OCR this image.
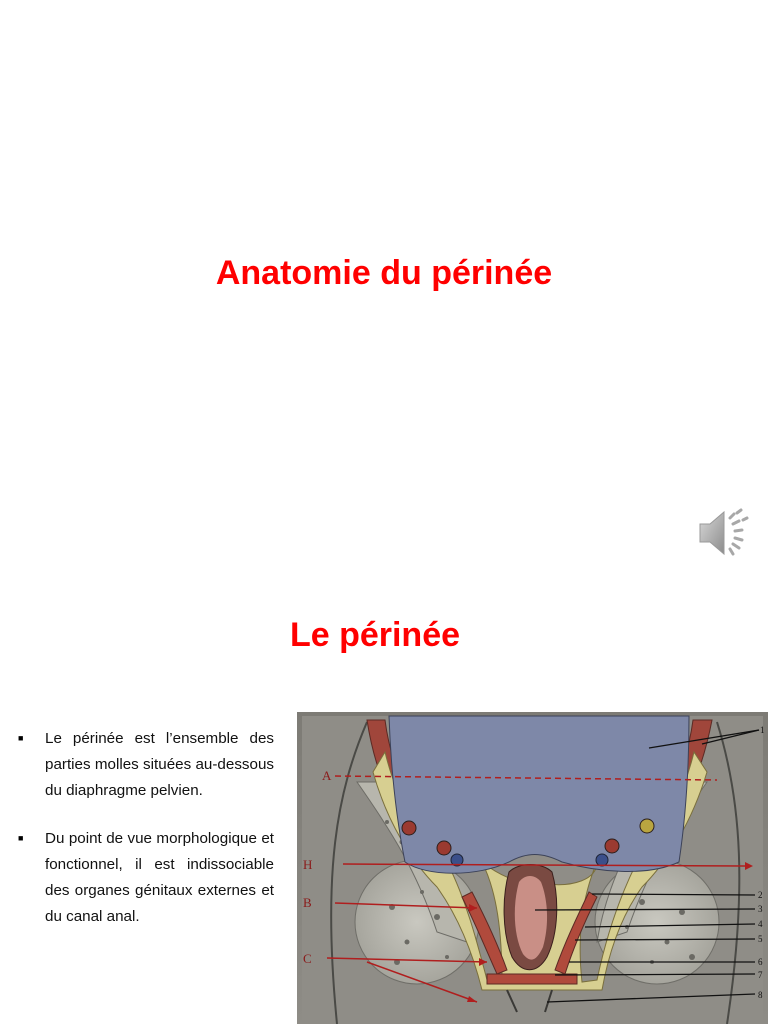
Anatomie du périnée
Le périnée
■	Le périnée est l’ensemble des parties molles situées au-dessous du diaphragme pelvien.
■	Du point de vue morphologique et fonctionnel, il est indissociable des organes génitaux externes et du canal anal.
A
H
B
C
1
2
3
4
5
6
7
8
